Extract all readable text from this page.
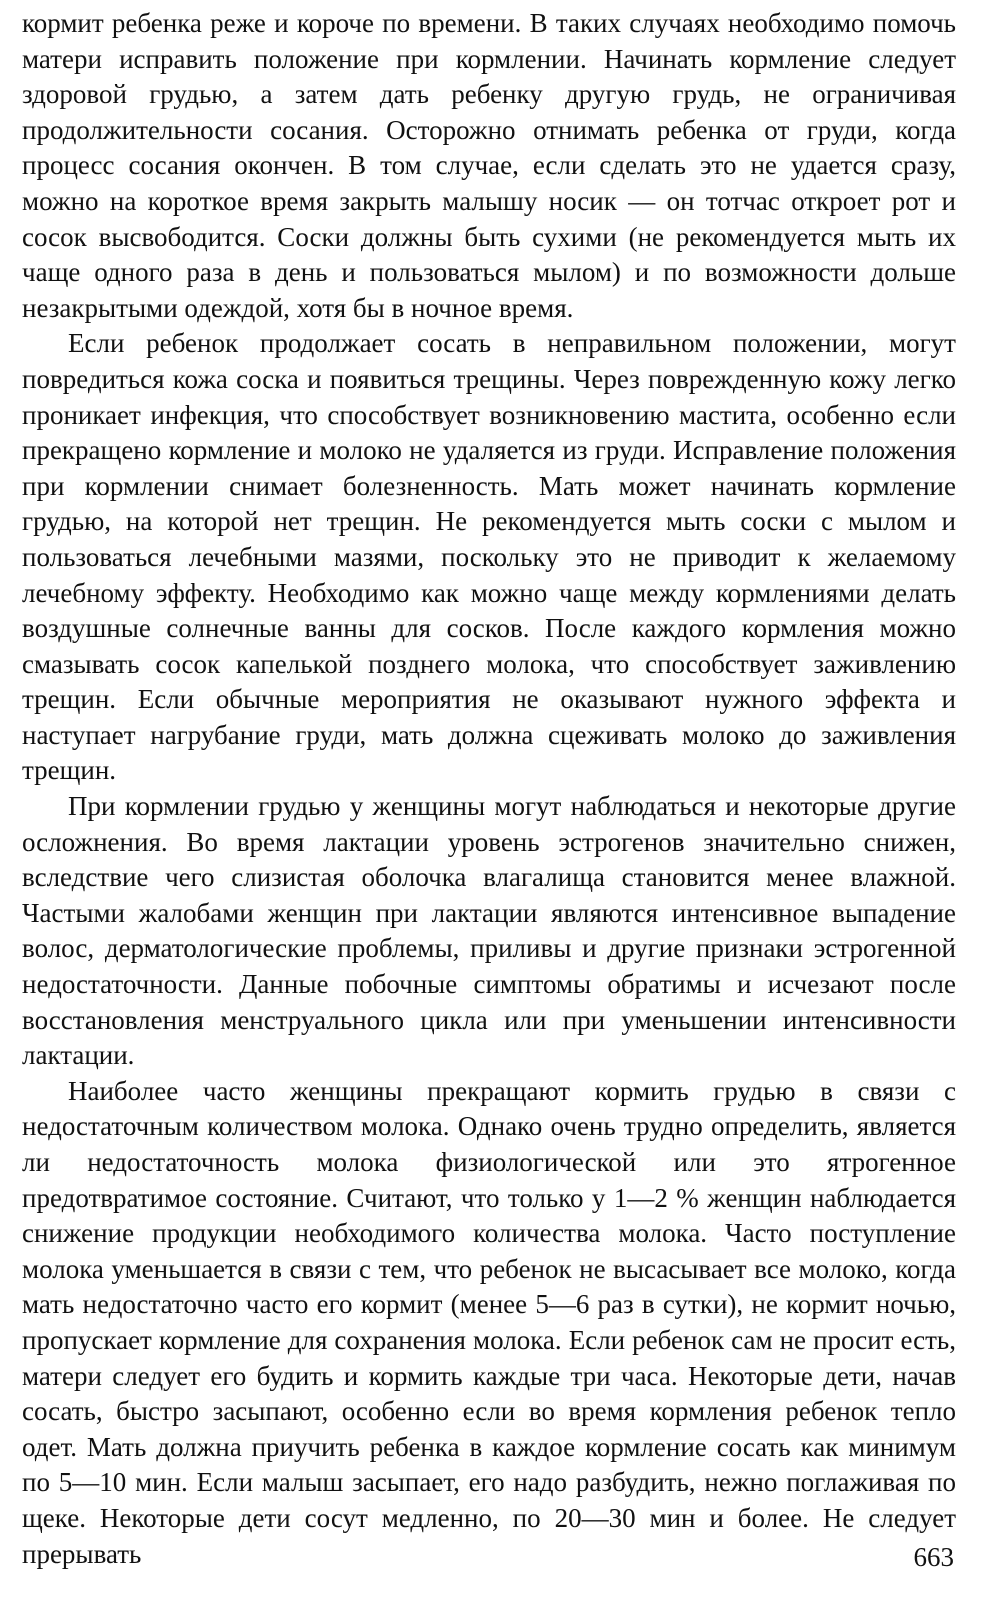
кормит ребенка реже и короче по времени. В таких случаях необходимо помочь матери исправить положение при кормлении. Начинать кормление следует здоровой грудью, а затем дать ребенку другую грудь, не ограничивая продолжительности сосания. Осторожно отнимать ребенка от груди, когда процесс сосания окончен. В том случае, если сделать это не удается сразу, можно на короткое время закрыть малышу носик — он тотчас откроет рот и сосок высвободится. Соски должны быть сухими (не рекомендуется мыть их чаще одного раза в день и пользоваться мылом) и по возможности дольше незакрытыми одеждой, хотя бы в ночное время.

Если ребенок продолжает сосать в неправильном положении, могут повредиться кожа соска и появиться трещины. Через поврежденную кожу легко проникает инфекция, что способствует возникновению мастита, особенно если прекращено кормление и молоко не удаляется из груди. Исправление положения при кормлении снимает болезненность. Мать может начинать кормление грудью, на которой нет трещин. Не рекомендуется мыть соски с мылом и пользоваться лечебными мазями, поскольку это не приводит к желаемому лечебному эффекту. Необходимо как можно чаще между кормлениями делать воздушные солнечные ванны для сосков. После каждого кормления можно смазывать сосок капелькой позднего молока, что способствует заживлению трещин. Если обычные мероприятия не оказывают нужного эффекта и наступает нагрубание груди, мать должна сцеживать молоко до заживления трещин.

При кормлении грудью у женщины могут наблюдаться и некоторые другие осложнения. Во время лактации уровень эстрогенов значительно снижен, вследствие чего слизистая оболочка влагалища становится менее влажной. Частыми жалобами женщин при лактации являются интенсивное выпадение волос, дерматологические проблемы, приливы и другие признаки эстрогенной недостаточности. Данные побочные симптомы обратимы и исчезают после восстановления менструального цикла или при уменьшении интенсивности лактации.

Наиболее часто женщины прекращают кормить грудью в связи с недостаточным количеством молока. Однако очень трудно определить, является ли недостаточность молока физиологической или это ятрогенное предотвратимое состояние. Считают, что только у 1—2 % женщин наблюдается снижение продукции необходимого количества молока. Часто поступление молока уменьшается в связи с тем, что ребенок не высасывает все молоко, когда мать недостаточно часто его кормит (менее 5—6 раз в сутки), не кормит ночью, пропускает кормление для сохранения молока. Если ребенок сам не просит есть, матери следует его будить и кормить каждые три часа. Некоторые дети, начав сосать, быстро засыпают, особенно если во время кормления ребенок тепло одет. Мать должна приучить ребенка в каждое кормление сосать как минимум по 5—10 мин. Если малыш засыпает, его надо разбудить, нежно поглаживая по щеке. Некоторые дети сосут медленно, по 20—30 мин и более. Не следует прерывать	663
